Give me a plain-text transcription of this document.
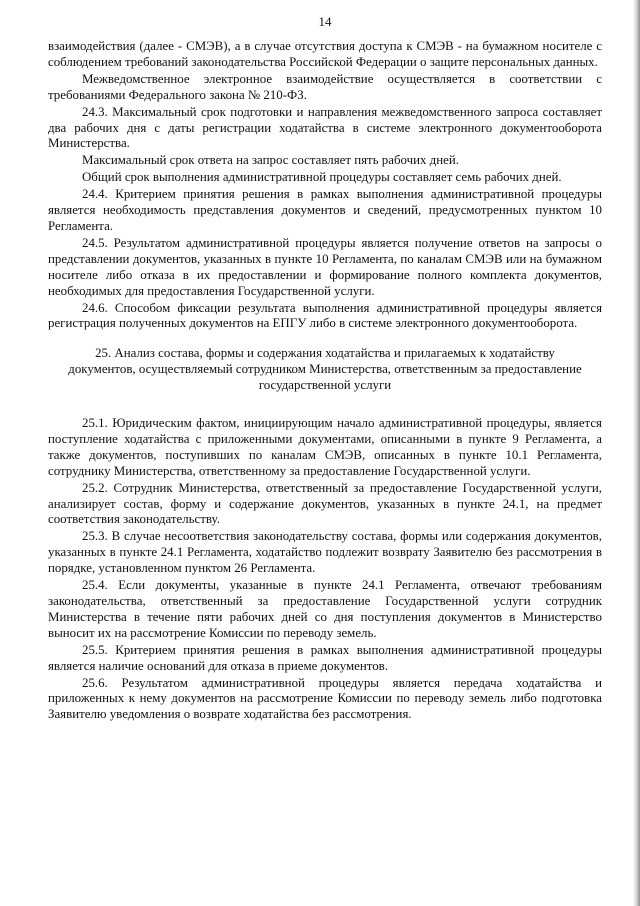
14

взаимодействия (далее - СМЭВ), а в случае отсутствия доступа к СМЭВ - на бумажном носителе с соблюдением требований законодательства Российской Федерации о защите персональных данных.

Межведомственное электронное взаимодействие осуществляется в соответствии с требованиями Федерального закона № 210-ФЗ.

24.3. Максимальный срок подготовки и направления межведомственного запроса составляет два рабочих дня с даты регистрации ходатайства в системе электронного документооборота Министерства.

Максимальный срок ответа на запрос составляет пять рабочих дней.

Общий срок выполнения административной процедуры составляет семь рабочих дней.

24.4. Критерием принятия решения в рамках выполнения административной процедуры является необходимость представления документов и сведений, предусмотренных пунктом 10 Регламента.

24.5. Результатом административной процедуры является получение ответов на запросы о представлении документов, указанных в пункте 10 Регламента, по каналам СМЭВ или на бумажном носителе либо отказа в их предоставлении и формирование полного комплекта документов, необходимых для предоставления Государственной услуги.

24.6. Способом фиксации результата выполнения административной процедуры является регистрация полученных документов на ЕПГУ либо в системе электронного документооборота.

25. Анализ состава, формы и содержания ходатайства и прилагаемых к ходатайству документов, осуществляемый сотрудником Министерства, ответственным за предоставление государственной услуги

25.1. Юридическим фактом, инициирующим начало административной процедуры, является поступление ходатайства с приложенными документами, описанными в пункте 9 Регламента, а также документов, поступивших по каналам СМЭВ, описанных в пункте 10.1 Регламента, сотруднику Министерства, ответственному за предоставление Государственной услуги.

25.2. Сотрудник Министерства, ответственный за предоставление Государственной услуги, анализирует состав, форму и содержание документов, указанных в пункте 24.1, на предмет соответствия законодательству.

25.3. В случае несоответствия законодательству состава, формы или содержания документов, указанных в пункте 24.1 Регламента, ходатайство подлежит возврату Заявителю без рассмотрения в порядке, установленном пунктом 26 Регламента.

25.4. Если документы, указанные в пункте 24.1 Регламента, отвечают требованиям законодательства, ответственный за предоставление Государственной услуги сотрудник Министерства в течение пяти рабочих дней со дня поступления документов в Министерство выносит их на рассмотрение Комиссии по переводу земель.

25.5. Критерием принятия решения в рамках выполнения административной процедуры является наличие оснований для отказа в приеме документов.

25.6. Результатом административной процедуры является передача ходатайства и приложенных к нему документов на рассмотрение Комиссии по переводу земель либо подготовка Заявителю уведомления о возврате ходатайства без рассмотрения.
